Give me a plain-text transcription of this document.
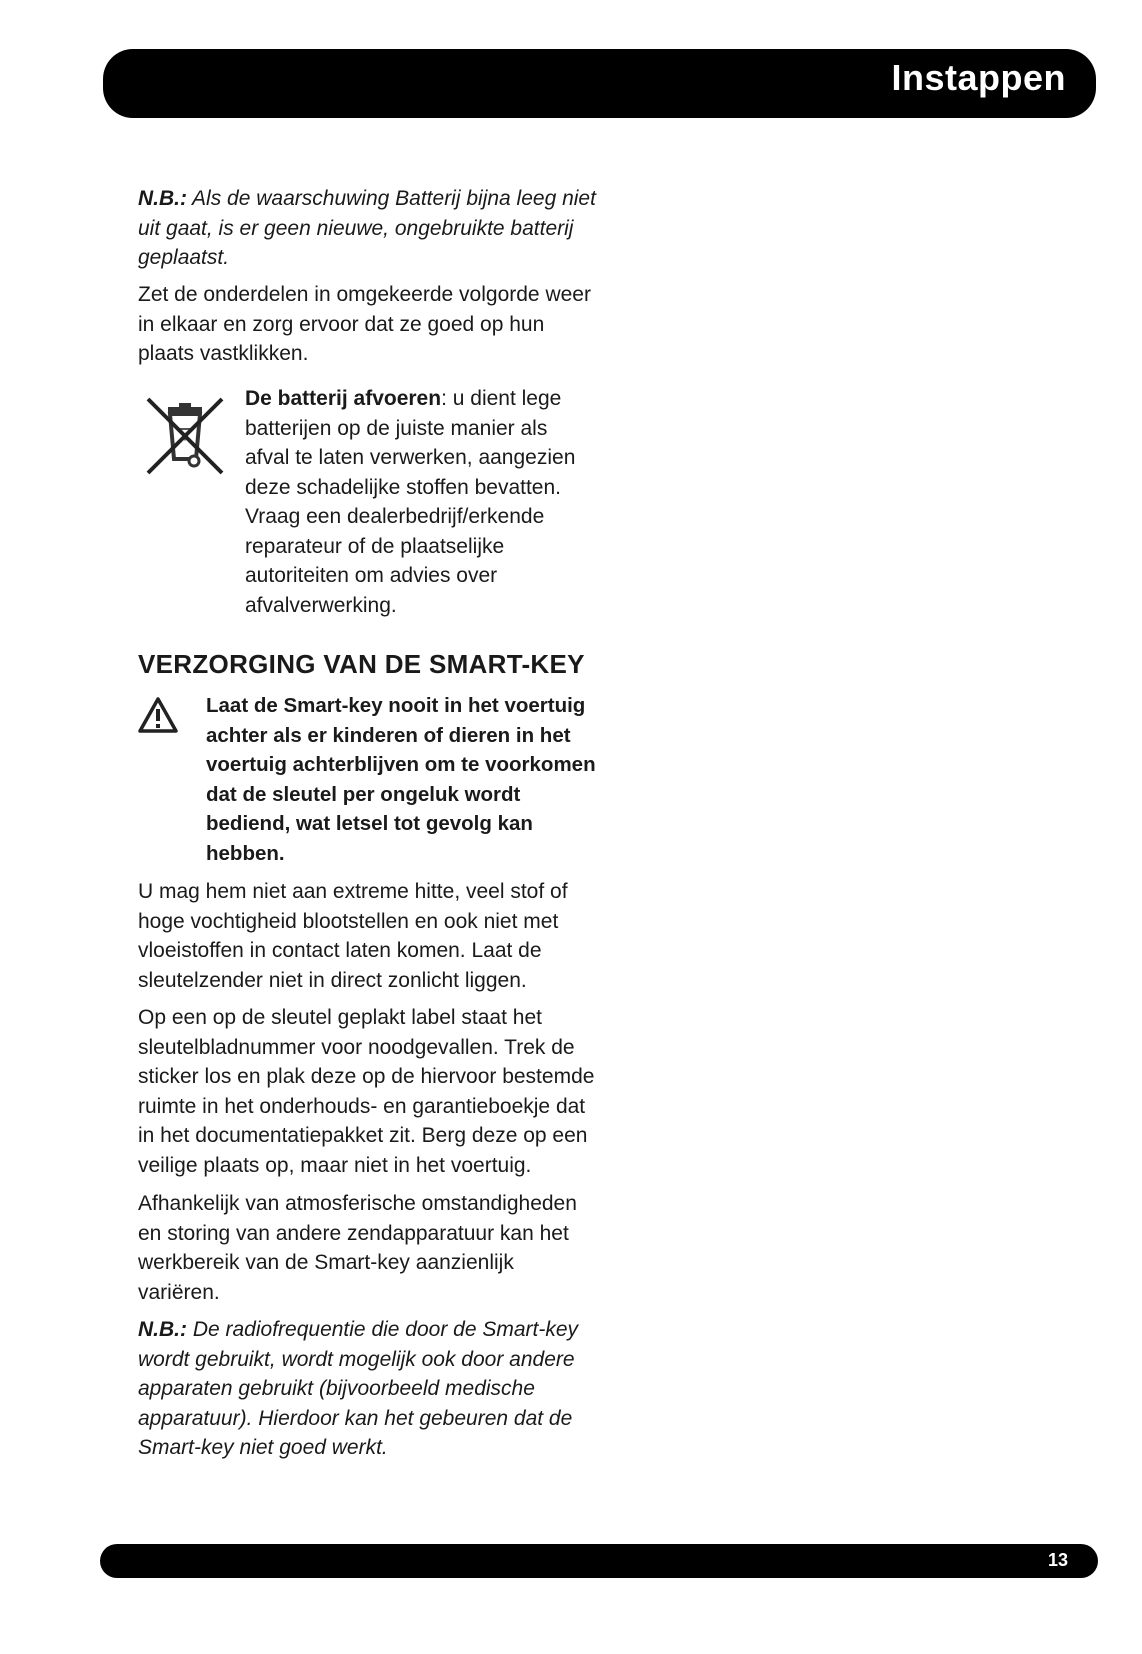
Instappen

N.B.: Als de waarschuwing Batterij bijna leeg niet uit gaat, is er geen nieuwe, ongebruikte batterij geplaatst.

Zet de onderdelen in omgekeerde volgorde weer in elkaar en zorg ervoor dat ze goed op hun plaats vastklikken.

De batterij afvoeren: u dient lege batterijen op de juiste manier als afval te laten verwerken, aangezien deze schadelijke stoffen bevatten. Vraag een dealerbedrijf/erkende reparateur of de plaatselijke autoriteiten om advies over afvalverwerking.
VERZORGING VAN DE SMART-KEY
Laat de Smart-key nooit in het voertuig achter als er kinderen of dieren in het voertuig achterblijven om te voorkomen dat de sleutel per ongeluk wordt bediend, wat letsel tot gevolg kan hebben.

U mag hem niet aan extreme hitte, veel stof of hoge vochtigheid blootstellen en ook niet met vloeistoffen in contact laten komen. Laat de sleutelzender niet in direct zonlicht liggen.

Op een op de sleutel geplakt label staat het sleutelbladnummer voor noodgevallen. Trek de sticker los en plak deze op de hiervoor bestemde ruimte in het onderhouds- en garantieboekje dat in het documentatiepakket zit. Berg deze op een veilige plaats op, maar niet in het voertuig.

Afhankelijk van atmosferische omstandigheden en storing van andere zendapparatuur kan het werkbereik van de Smart-key aanzienlijk variëren.

N.B.: De radiofrequentie die door de Smart-key wordt gebruikt, wordt mogelijk ook door andere apparaten gebruikt (bijvoorbeeld medische apparatuur). Hierdoor kan het gebeuren dat de Smart-key niet goed werkt.

13
